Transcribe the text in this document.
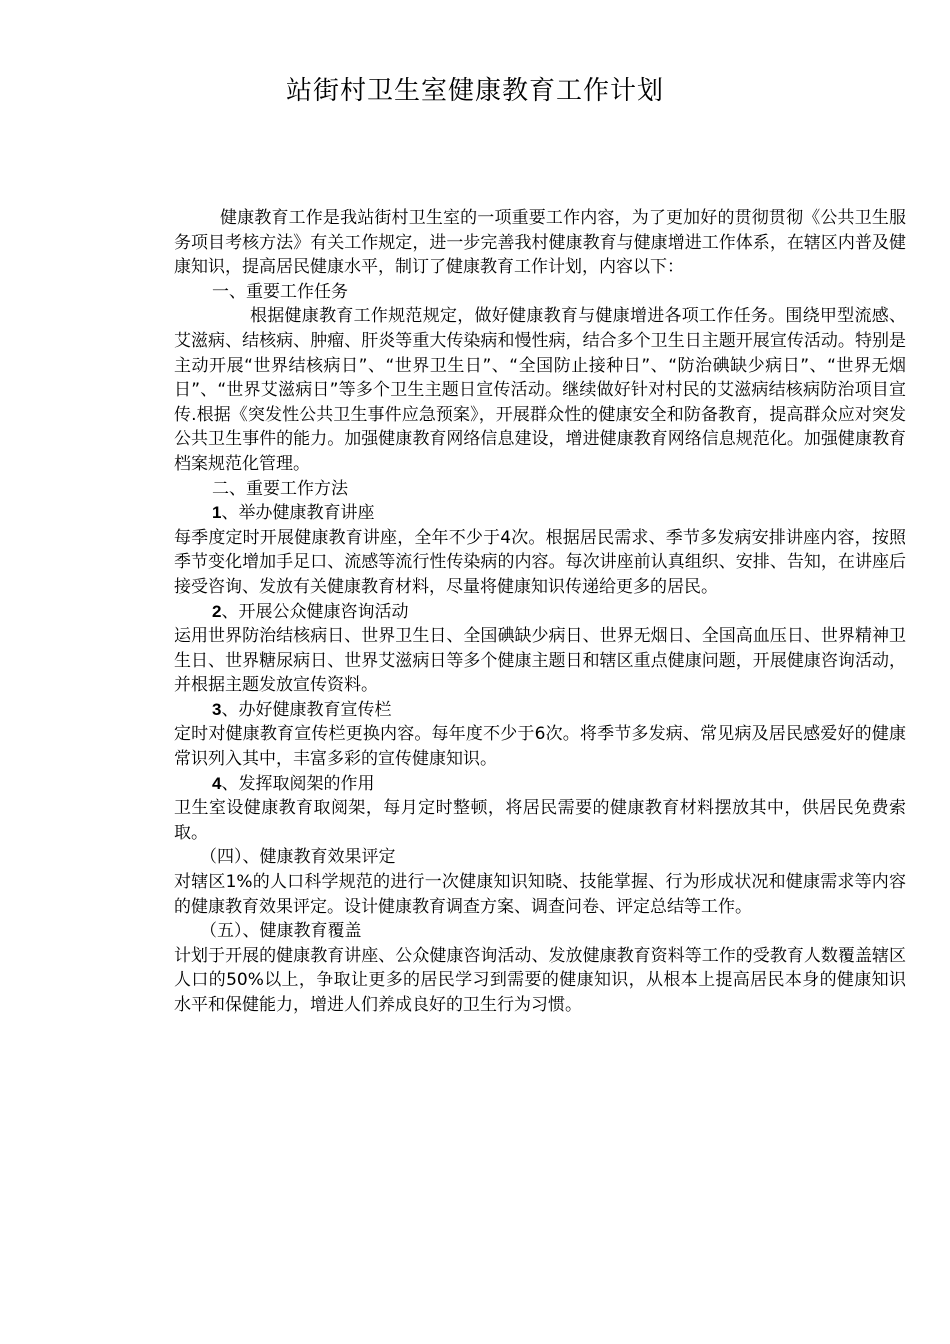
站街村卫生室健康教育工作计划

健康教育工作是我站街村卫生室的一项重要工作内容，为了更加好的贯彻贯彻《公共卫生服务项目考核方法》有关工作规定，进一步完善我村健康教育与健康增进工作体系，在辖区内普及健康知识，提高居民健康水平，制订了健康教育工作计划，内容以下：

一、重要工作任务

根据健康教育工作规范规定，做好健康教育与健康增进各项工作任务。围绕甲型流感、艾滋病、结核病、肿瘤、肝炎等重大传染病和慢性病，结合多个卫生日主题开展宣传活动。特别是主动开展“世界结核病日”、“世界卫生日”、“全国防止接种日”、“防治碘缺少病日”、“世界无烟日”、“世界艾滋病日”等多个卫生主题日宣传活动。继续做好针对村民的艾滋病结核病防治项目宣传.根据《突发性公共卫生事件应急预案》，开展群众性的健康安全和防备教育，提高群众应对突发公共卫生事件的能力。加强健康教育网络信息建设，增进健康教育网络信息规范化。加强健康教育档案规范化管理。

二、重要工作方法

1、举办健康教育讲座

每季度定时开展健康教育讲座，全年不少于4次。根据居民需求、季节多发病安排讲座内容，按照季节变化增加手足口、流感等流行性传染病的内容。每次讲座前认真组织、安排、告知，在讲座后接受咨询、发放有关健康教育材料，尽量将健康知识传递给更多的居民。

2、开展公众健康咨询活动

运用世界防治结核病日、世界卫生日、全国碘缺少病日、世界无烟日、全国高血压日、世界精神卫生日、世界糖尿病日、世界艾滋病日等多个健康主题日和辖区重点健康问题，开展健康咨询活动，并根据主题发放宣传资料。

3、办好健康教育宣传栏

定时对健康教育宣传栏更换内容。每年度不少于6次。将季节多发病、常见病及居民感爱好的健康常识列入其中，丰富多彩的宣传健康知识。

4、发挥取阅架的作用

卫生室设健康教育取阅架，每月定时整顿，将居民需要的健康教育材料摆放其中，供居民免费索取。

（四）、健康教育效果评定

对辖区1%的人口科学规范的进行一次健康知识知晓、技能掌握、行为形成状况和健康需求等内容的健康教育效果评定。设计健康教育调查方案、调查问卷、评定总结等工作。

（五）、健康教育覆盖

计划于开展的健康教育讲座、公众健康咨询活动、发放健康教育资料等工作的受教育人数覆盖辖区人口的50%以上，争取让更多的居民学习到需要的健康知识，从根本上提高居民本身的健康知识水平和保健能力，增进人们养成良好的卫生行为习惯。
